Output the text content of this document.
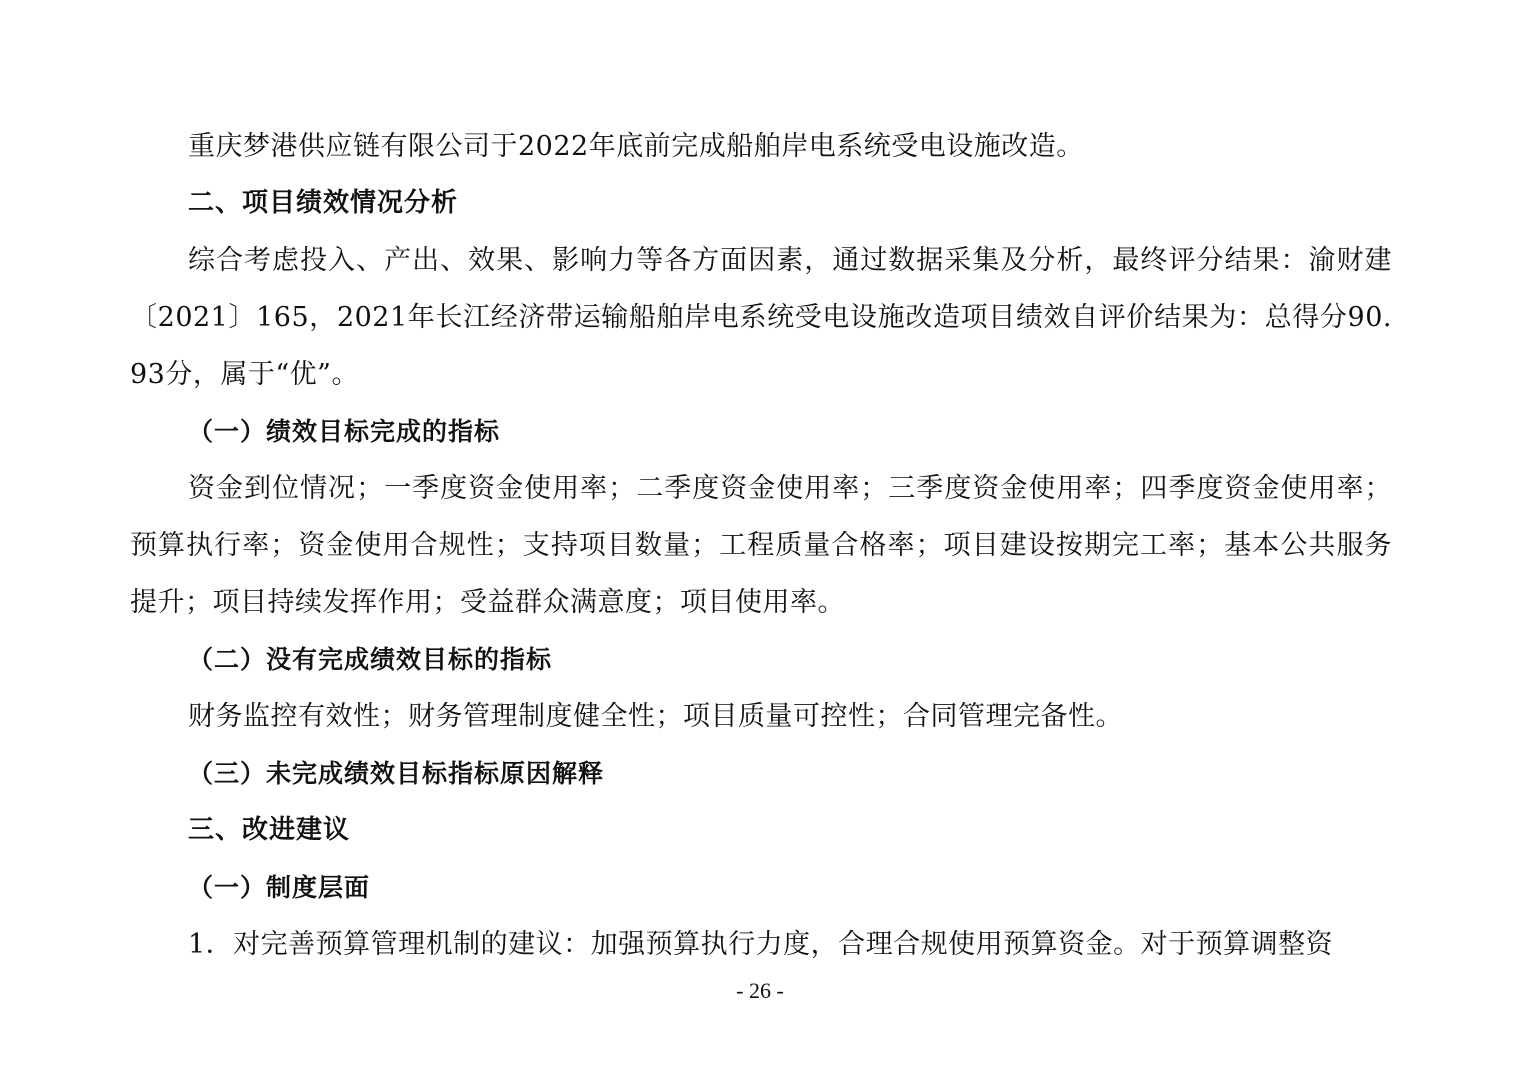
重庆梦港供应链有限公司于2022年底前完成船舶岸电系统受电设施改造。

二、项目绩效情况分析

综合考虑投入、产出、效果、影响力等各方面因素，通过数据采集及分析，最终评分结果：渝财建〔2021〕165，2021年长江经济带运输船舶岸电系统受电设施改造项目绩效自评价结果为：总得分90.93分，属于“优”。

（一）绩效目标完成的指标

资金到位情况；一季度资金使用率；二季度资金使用率；三季度资金使用率；四季度资金使用率；预算执行率；资金使用合规性；支持项目数量；工程质量合格率；项目建设按期完工率；基本公共服务提升；项目持续发挥作用；受益群众满意度；项目使用率。

（二）没有完成绩效目标的指标

财务监控有效性；财务管理制度健全性；项目质量可控性；合同管理完备性。

（三）未完成绩效目标指标原因解释

三、改进建议

（一）制度层面

1．对完善预算管理机制的建议：加强预算执行力度，合理合规使用预算资金。对于预算调整资

- 26 -
